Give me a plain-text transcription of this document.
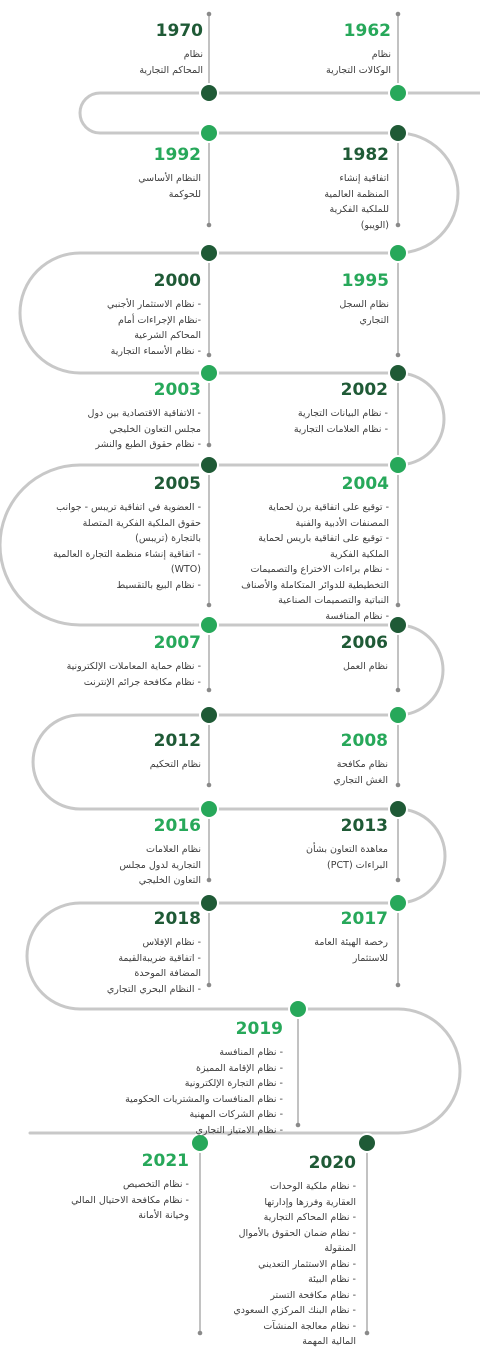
1962
نظام
الوكالات التجارية
1970
نظام
المحاكم التجارية
1982
اتفاقية إنشاء
المنظمة العالمية
للملكية الفكرية
(الويبو)
1992
النظام الأساسي
للحوكمة
1995
نظام السجل
التجاري
2000
- نظام الاستثمار الأجنبي
-نظام الإجراءات أمام
المحاكم الشرعية
- نظام الأسماء التجارية
2002
- نظام البيانات التجارية
- نظام العلامات التجارية
2003
- الاتفاقية الاقتصادية بين دول
مجلس التعاون الخليجي
- نظام حقوق الطبع والنشر
2004
- توقيع على اتفاقية برن لحماية
المصنفات الأدبية والفنية
- توقيع على اتفاقية باريس لحماية
الملكية الفكرية
- نظام براءات الاختراع والتصميمات
التخطيطية للدوائر المتكاملة والأصناف
النباتية والتصميمات الصناعية
- نظام المنافسة
2005
- العضوية في اتفاقية تريبس - جوانب
حقوق الملكية الفكرية المتصلة
بالتجارة (تريبس)
- اتفاقية إنشاء منظمة التجارة العالمية
(WTO)
- نظام البيع بالتقسيط
2006
نظام العمل
2007
- نظام حماية المعاملات الإلكترونية
- نظام مكافحة جرائم الإنترنت
2008
نظام مكافحة
الغش التجاري
2012
نظام التحكيم
2013
معاهدة التعاون بشأن
البراءات (PCT)
2016
نظام العلامات
التجارية لدول مجلس
التعاون الخليجي
2017
رخصة الهيئة العامة
للاستثمار
2018
- نظام الإفلاس
- اتفاقية ضريبةالقيمة
المضافة الموحدة
- النظام البحري التجاري
2019
- نظام المنافسة
- نظام الإقامة المميزة
- نظام التجارة الإلكترونية
- نظام المنافسات والمشتريات الحكومية
- نظام الشركات المهنية
- نظام الامتياز التجاري
2020
- نظام ملكية الوحدات
العقارية وفرزها وإدارتها
- نظام المحاكم التجارية
- نظام ضمان الحقوق بالأموال
المنقولة
- نظام الاستثمار التعديني
- نظام البيئة
- نظام مكافحة التستر
- نظام البنك المركزي السعودي
- نظام معالجة المنشآت
المالية المهمة
2021
- نظام التخصيص
- نظام مكافحة الاحتيال المالي
وخيانة الأمانة
